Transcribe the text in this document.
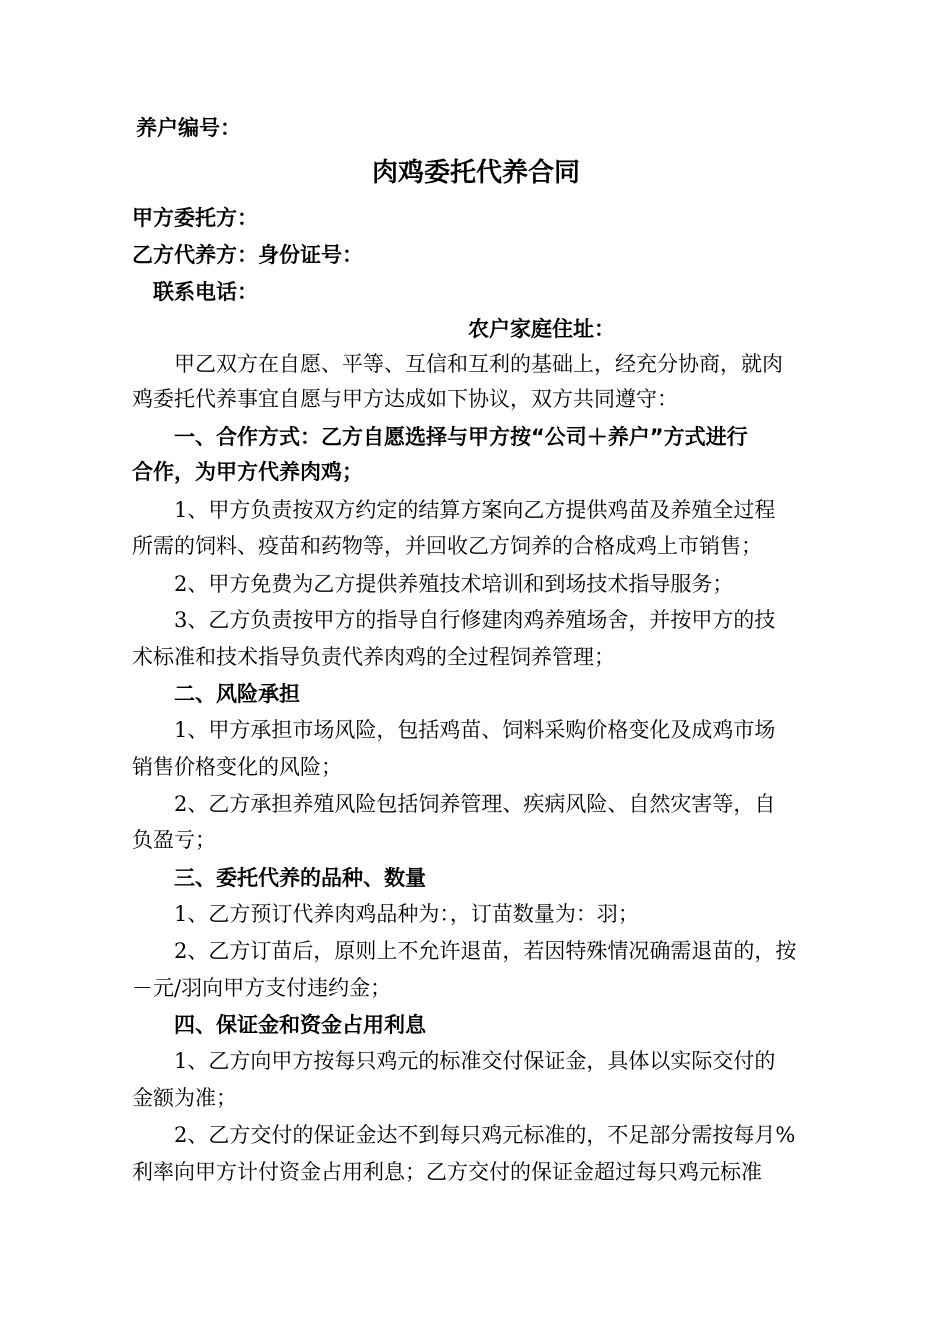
养户编号：
肉鸡委托代养合同
甲方委托方：
乙方代养方：身份证号：
联系电话：
农户家庭住址：
甲乙双方在自愿、平等、互信和互利的基础上，经充分协商，就肉
鸡委托代养事宜自愿与甲方达成如下协议，双方共同遵守：
一、合作方式：乙方自愿选择与甲方按“公司＋养户”方式进行
合作，为甲方代养肉鸡；
1、甲方负责按双方约定的结算方案向乙方提供鸡苗及养殖全过程
所需的饲料、疫苗和药物等，并回收乙方饲养的合格成鸡上市销售；
2、甲方免费为乙方提供养殖技术培训和到场技术指导服务；
3、乙方负责按甲方的指导自行修建肉鸡养殖场舍，并按甲方的技
术标准和技术指导负责代养肉鸡的全过程饲养管理；
二、风险承担
1、甲方承担市场风险，包括鸡苗、饲料采购价格变化及成鸡市场
销售价格变化的风险；
2、乙方承担养殖风险包括饲养管理、疾病风险、自然灾害等，自
负盈亏；
三、委托代养的品种、数量
1、乙方预订代养肉鸡品种为：，订苗数量为：羽；
2、乙方订苗后，原则上不允许退苗，若因特殊情况确需退苗的，按
－元/羽向甲方支付违约金；
四、保证金和资金占用利息
1、乙方向甲方按每只鸡元的标准交付保证金，具体以实际交付的
金额为准；
2、乙方交付的保证金达不到每只鸡元标准的，不足部分需按每月%
利率向甲方计付资金占用利息；乙方交付的保证金超过每只鸡元标准
